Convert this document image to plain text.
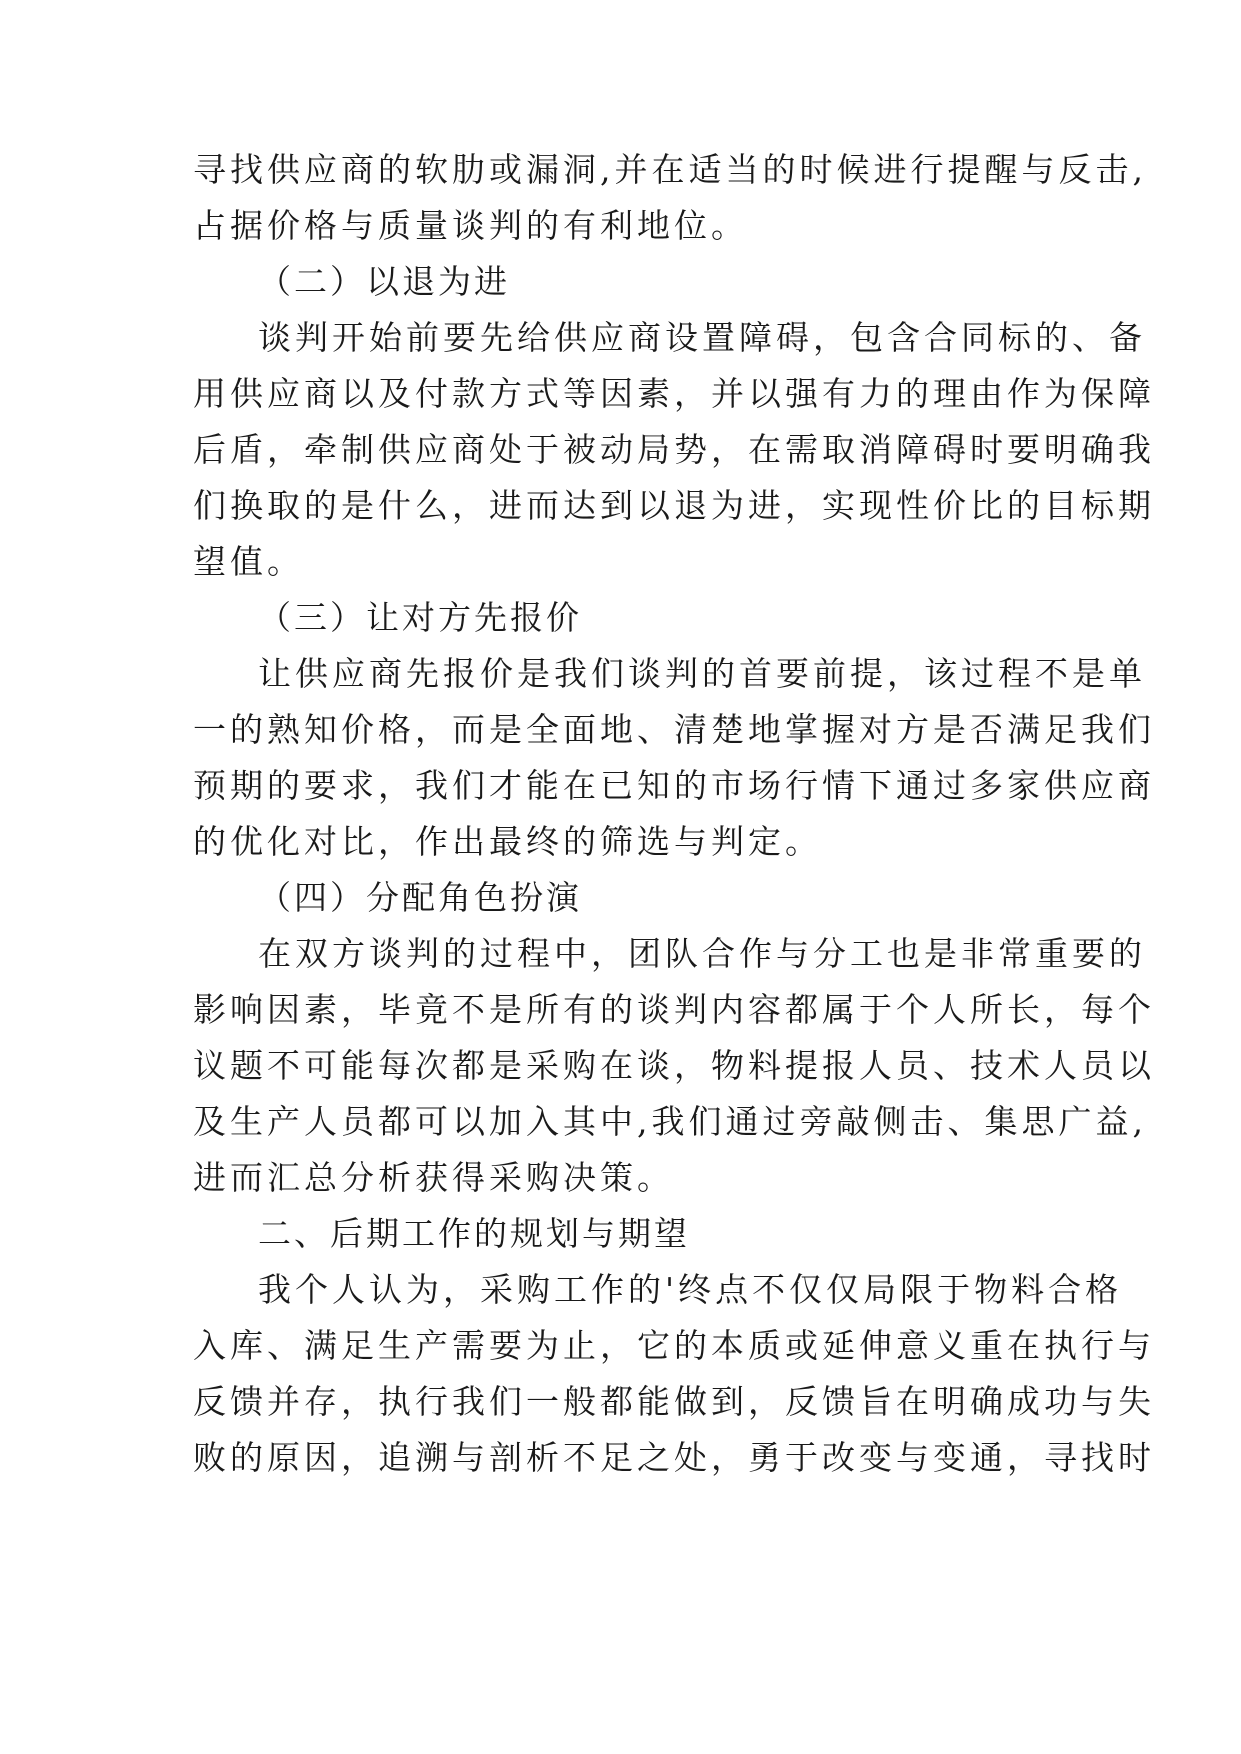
寻找供应商的软肋或漏洞,并在适当的时候进行提醒与反击,
占据价格与质量谈判的有利地位。
（二）以退为进
谈判开始前要先给供应商设置障碍，包含合同标的、备
用供应商以及付款方式等因素，并以强有力的理由作为保障
后盾，牵制供应商处于被动局势，在需取消障碍时要明确我
们换取的是什么，进而达到以退为进，实现性价比的目标期
望值。
（三）让对方先报价
让供应商先报价是我们谈判的首要前提，该过程不是单
一的熟知价格，而是全面地、清楚地掌握对方是否满足我们
预期的要求，我们才能在已知的市场行情下通过多家供应商
的优化对比，作出最终的筛选与判定。
（四）分配角色扮演
在双方谈判的过程中，团队合作与分工也是非常重要的
影响因素，毕竟不是所有的谈判内容都属于个人所长，每个
议题不可能每次都是采购在谈，物料提报人员、技术人员以
及生产人员都可以加入其中,我们通过旁敲侧击、集思广益,
进而汇总分析获得采购决策。
二、后期工作的规划与期望
我个人认为，采购工作的'终点不仅仅局限于物料合格
入库、满足生产需要为止，它的本质或延伸意义重在执行与
反馈并存，执行我们一般都能做到，反馈旨在明确成功与失
败的原因，追溯与剖析不足之处，勇于改变与变通，寻找时
